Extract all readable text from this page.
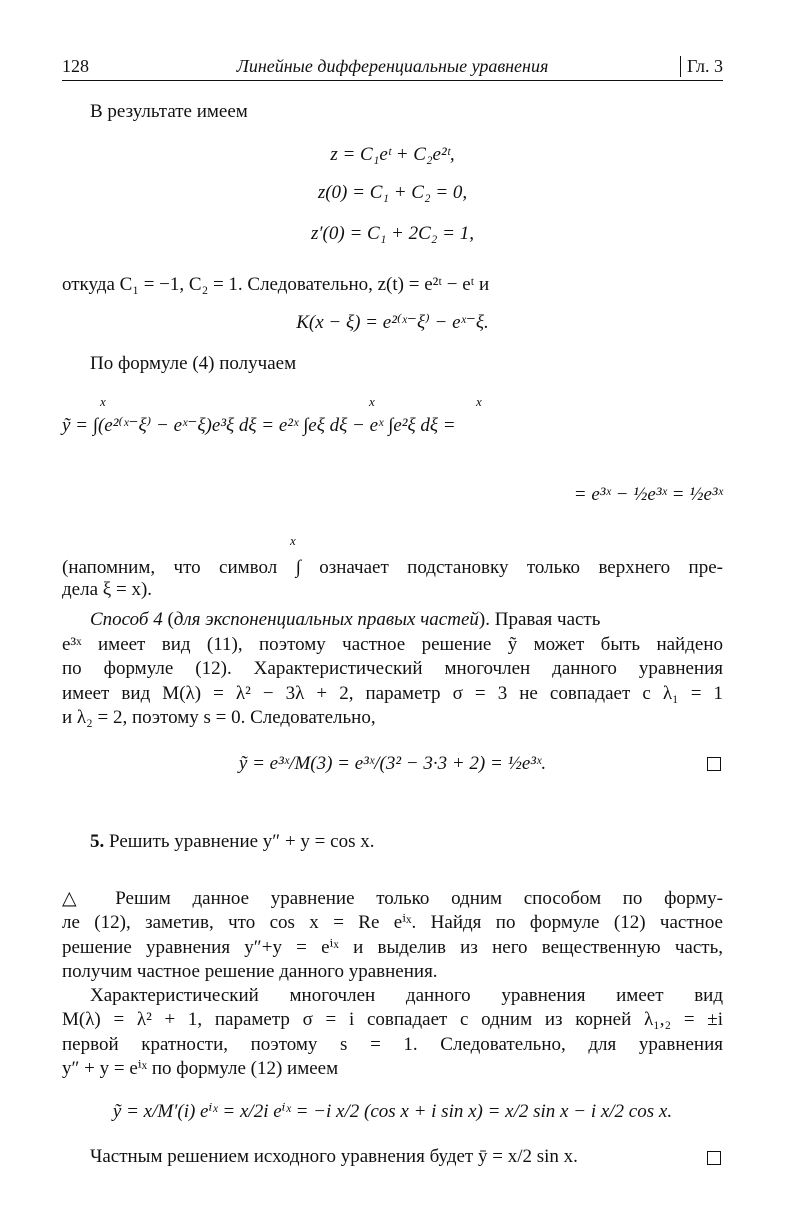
128	Линейные дифференциальные уравнения	Гл. 3
В результате имеем
z = C₁eᵗ + C₂e²ᵗ,
z(0) = C₁ + C₂ = 0,
z′(0) = C₁ + 2C₂ = 1,
откуда C₁ = −1, C₂ = 1. Следовательно, z(t) = e²ᵗ − eᵗ и
K(x − ξ) = e²⁽ˣ⁻ξ⁾ − eˣ⁻ξ.
По формуле (4) получаем
ỹ = ∫(e²⁽ˣ⁻ξ⁾ − eˣ⁻ξ)e³ξ dξ = e²ˣ ∫eξ dξ − eˣ ∫e²ξ dξ =
x	x	x
= e³ˣ − ½e³ˣ = ½e³ˣ
x
(напомним, что символ ∫ означает подстановку только верхнего пре-
дела ξ = x).
Способ 4 (для экспоненциальных правых частей). Правая часть
e³ˣ имеет вид (11), поэтому частное решение ỹ может быть найдено
по формуле (12). Характеристический многочлен данного уравнения
имеет вид M(λ) = λ² − 3λ + 2, параметр σ = 3 не совпадает с λ₁ = 1
и λ₂ = 2, поэтому s = 0. Следовательно,
ỹ = e³ˣ/M(3) = e³ˣ/(3² − 3·3 + 2) = ½e³ˣ.
5. Решить уравнение y″ + y = cos x.
△ Решим данное уравнение только одним способом по форму-
ле (12), заметив, что cos x = Re eⁱˣ. Найдя по формуле (12) частное
решение уравнения y″+y = eⁱˣ и выделив из него вещественную часть,
получим частное решение данного уравнения.
Характеристический многочлен данного уравнения имеет вид
M(λ) = λ² + 1, параметр σ = i совпадает с одним из корней λ₁,₂ = ±i
первой кратности, поэтому s = 1. Следовательно, для уравнения
y″ + y = eⁱˣ по формуле (12) имеем
ỹ = x/M′(i) eⁱˣ = x/2i eⁱˣ = −i x/2 (cos x + i sin x) = x/2 sin x − i x/2 cos x.
Частным решением исходного уравнения будет ȳ = x/2 sin x.
